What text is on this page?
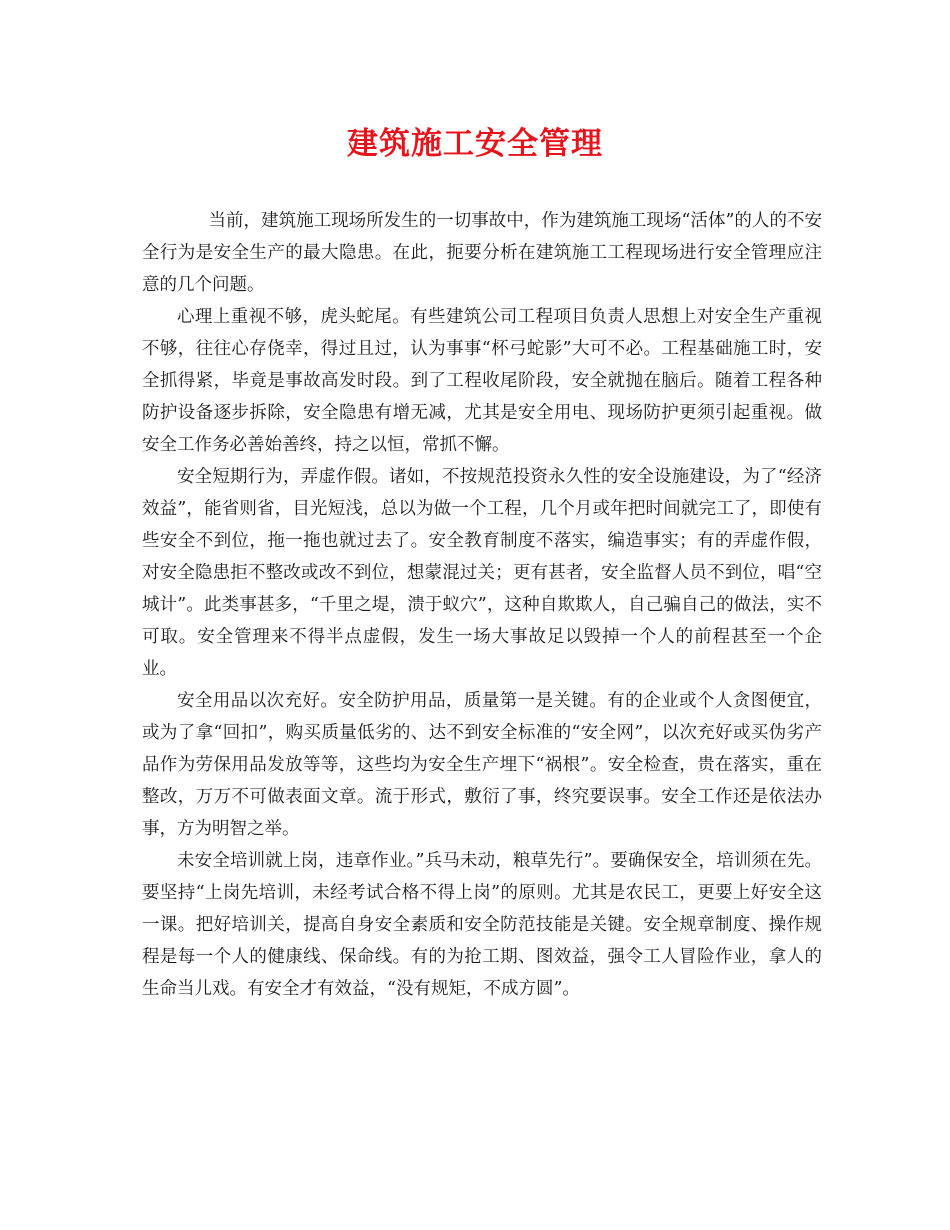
建筑施工安全管理

当前，建筑施工现场所发生的一切事故中，作为建筑施工现场“活体”的人的不安全行为是安全生产的最大隐患。在此，扼要分析在建筑施工工程现场进行安全管理应注意的几个问题。

心理上重视不够，虎头蛇尾。有些建筑公司工程项目负责人思想上对安全生产重视不够，往往心存侥幸，得过且过，认为事事“杯弓蛇影”大可不必。工程基础施工时，安全抓得紧，毕竟是事故高发时段。到了工程收尾阶段，安全就抛在脑后。随着工程各种防护设备逐步拆除，安全隐患有增无减，尤其是安全用电、现场防护更须引起重视。做安全工作务必善始善终，持之以恒，常抓不懈。

安全短期行为，弄虚作假。诸如，不按规范投资永久性的安全设施建设，为了“经济效益”，能省则省，目光短浅，总以为做一个工程，几个月或年把时间就完工了，即使有些安全不到位，拖一拖也就过去了。安全教育制度不落实，编造事实；有的弄虚作假，对安全隐患拒不整改或改不到位，想蒙混过关；更有甚者，安全监督人员不到位，唱“空城计”。此类事甚多，“千里之堤，溃于蚁穴”，这种自欺欺人，自己骗自己的做法，实不可取。安全管理来不得半点虚假，发生一场大事故足以毁掉一个人的前程甚至一个企业。

安全用品以次充好。安全防护用品，质量第一是关键。有的企业或个人贪图便宜，或为了拿“回扣”，购买质量低劣的、达不到安全标准的“安全网”，以次充好或买伪劣产品作为劳保用品发放等等，这些均为安全生产埋下“祸根”。安全检查，贵在落实，重在整改，万万不可做表面文章。流于形式，敷衍了事，终究要误事。安全工作还是依法办事，方为明智之举。

未安全培训就上岗，违章作业。”兵马未动，粮草先行”。要确保安全，培训须在先。要坚持“上岗先培训，未经考试合格不得上岗”的原则。尤其是农民工，更要上好安全这一课。把好培训关，提高自身安全素质和安全防范技能是关键。安全规章制度、操作规程是每一个人的健康线、保命线。有的为抢工期、图效益，强令工人冒险作业，拿人的生命当儿戏。有安全才有效益，“没有规矩，不成方圆”。
